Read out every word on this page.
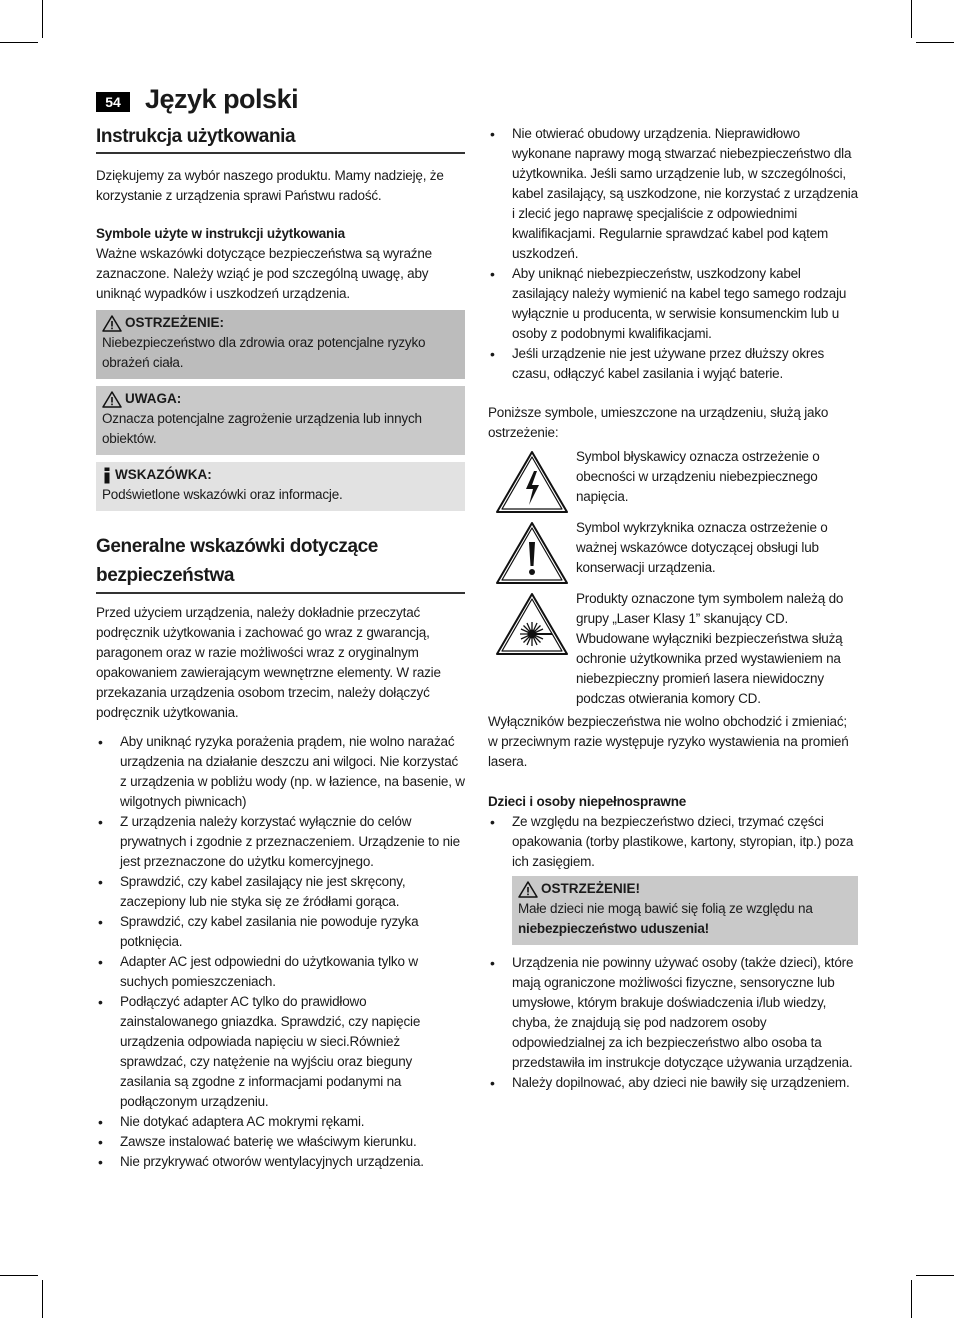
54 Język polski
Instrukcja użytkowania

Dziękujemy za wybór naszego produktu. Mamy nadzieję, że korzystanie z urządzenia sprawi Państwu radość.

Symbole użyte w instrukcji użytkowania

Ważne wskazówki dotyczące bezpieczeństwa są wyraźne zaznaczone. Należy wziąć je pod szczególną uwagę, aby uniknąć wypadków i uszkodzeń urządzenia.

OSTRZEŻENIE:
Niebezpieczeństwo dla zdrowia oraz potencjalne ryzyko obrażeń ciała.
UWAGA:
Oznacza potencjalne zagrożenie urządzenia lub innych obiektów.
WSKAZÓWKA:
Podświetlone wskazówki oraz informacje.
Generalne wskazówki dotyczące bezpieczeństwa

Przed użyciem urządzenia, należy dokładnie przeczytać podręcznik użytkowania i zachować go wraz z gwarancją, paragonem oraz w razie możliwości wraz z oryginalnym opakowaniem zawierającym wewnętrzne elementy. W razie przekazania urządzenia osobom trzecim, należy dołączyć podręcznik użytkowania.

• Aby uniknąć ryzyka porażenia prądem, nie wolno narażać urządzenia na działanie deszczu ani wilgoci. Nie korzystać z urządzenia w pobliżu wody (np. w łazience, na basenie, w wilgotnych piwnicach)
• Z urządzenia należy korzystać wyłącznie do celów prywatnych i zgodnie z przeznaczeniem. Urządzenie to nie jest przeznaczone do użytku komercyjnego.
• Sprawdzić, czy kabel zasilający nie jest skręcony, zaczepiony lub nie styka się ze źródłami gorąca.
• Sprawdzić, czy kabel zasilania nie powoduje ryzyka potknięcia.
• Adapter AC jest odpowiedni do użytkowania tylko w suchych pomieszczeniach.
• Podłączyć adapter AC tylko do prawidłowo zainstalowanego gniazdka. Sprawdzić, czy napięcie urządzenia odpowiada napięciu w sieci.Również sprawdzać, czy natężenie na wyjściu oraz bieguny zasilania są zgodne z informacjami podanymi na podłączonym urządzeniu.
• Nie dotykać adaptera AC mokrymi rękami.
• Zawsze instalować baterię we właściwym kierunku.
• Nie przykrywać otworów wentylacyjnych urządzenia.
• Nie otwierać obudowy urządzenia. Nieprawidłowo wykonane naprawy mogą stwarzać niebezpieczeństwo dla użytkownika. Jeśli samo urządzenie lub, w szczególności, kabel zasilający, są uszkodzone, nie korzystać z urządzenia i zlecić jego naprawę specjaliście z odpowiednimi kwalifikacjami. Regularnie sprawdzać kabel pod kątem uszkodzeń.
• Aby uniknąć niebezpieczeństw, uszkodzony kabel zasilający należy wymienić na kabel tego samego rodzaju wyłącznie u producenta, w serwisie konsumenckim lub u osoby z podobnymi kwalifikacjami.
• Jeśli urządzenie nie jest używane przez dłuższy okres czasu, odłączyć kabel zasilania i wyjąć baterie.

Poniższe symbole, umieszczone na urządzeniu, służą jako ostrzeżenie:

Symbol błyskawicy oznacza ostrzeżenie o obecności w urządzeniu niebezpiecznego napięcia.

Symbol wykrzyknika oznacza ostrzeżenie o ważnej wskazówce dotyczącej obsługi lub konserwacji urządzenia.

Produkty oznaczone tym symbolem należą do grupy „Laser Klasy 1” skanujący CD. Wbudowane wyłączniki bezpieczeństwa służą ochronie użytkownika przed wystawieniem na niebezpieczny promień lasera niewidoczny podczas otwierania komory CD.

Wyłączników bezpieczeństwa nie wolno obchodzić i zmieniać; w przeciwnym razie występuje ryzyko wystawienia na promień lasera.

Dzieci i osoby niepełnosprawne

• Ze względu na bezpieczeństwo dzieci, trzymać części opakowania (torby plastikowe, kartony, styropian, itp.) poza ich zasięgiem.
OSTRZEŻENIE!
Małe dzieci nie mogą bawić się folią ze względu na
niebezpieczeństwo uduszenia!
• Urządzenia nie powinny używać osoby (także dzieci), które mają ograniczone możliwości fizyczne, sensoryczne lub umysłowe, którym brakuje doświadczenia i/lub wiedzy, chyba, że znajdują się pod nadzorem osoby odpowiedzialnej za ich bezpieczeństwo albo osoba ta przedstawiła im instrukcje dotyczące używania urządzenia.
• Należy dopilnować, aby dzieci nie bawiły się urządzeniem.
